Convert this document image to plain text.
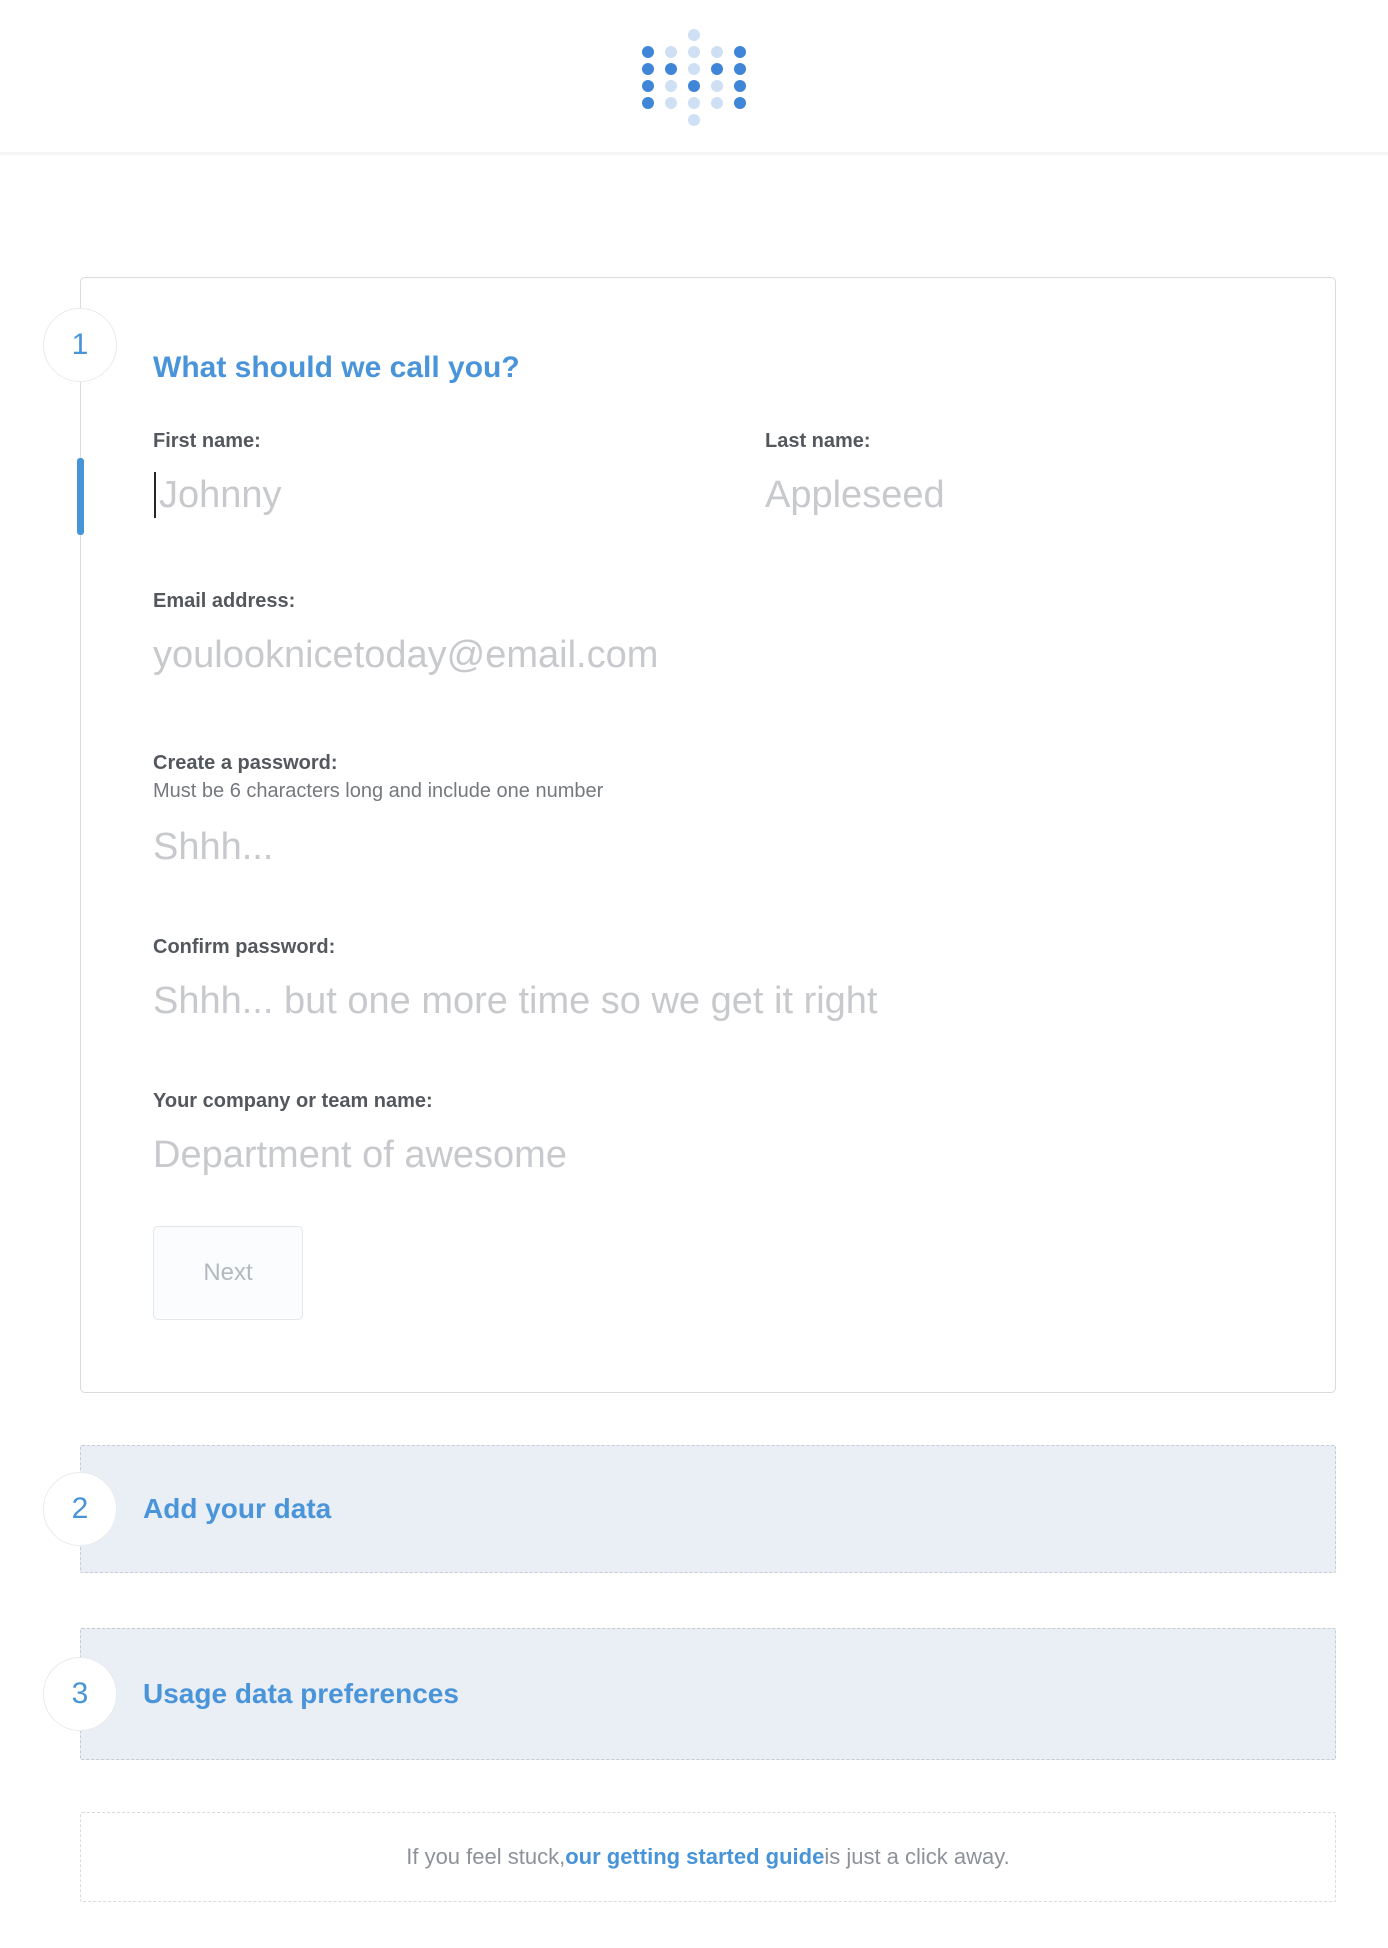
1
What should we call you?
First name:
Johnny	Last name:
Appleseed
Email address:
youlooknicetoday@email.com
Create a password:
Must be 6 characters long and include one number
Shhh...
Confirm password:
Shhh... but one more time so we get it right
Your company or team name:
Department of awesome
Next
2 Add your data
3 Usage data preferences
If you feel stuck, our getting started guide is just a click away.
